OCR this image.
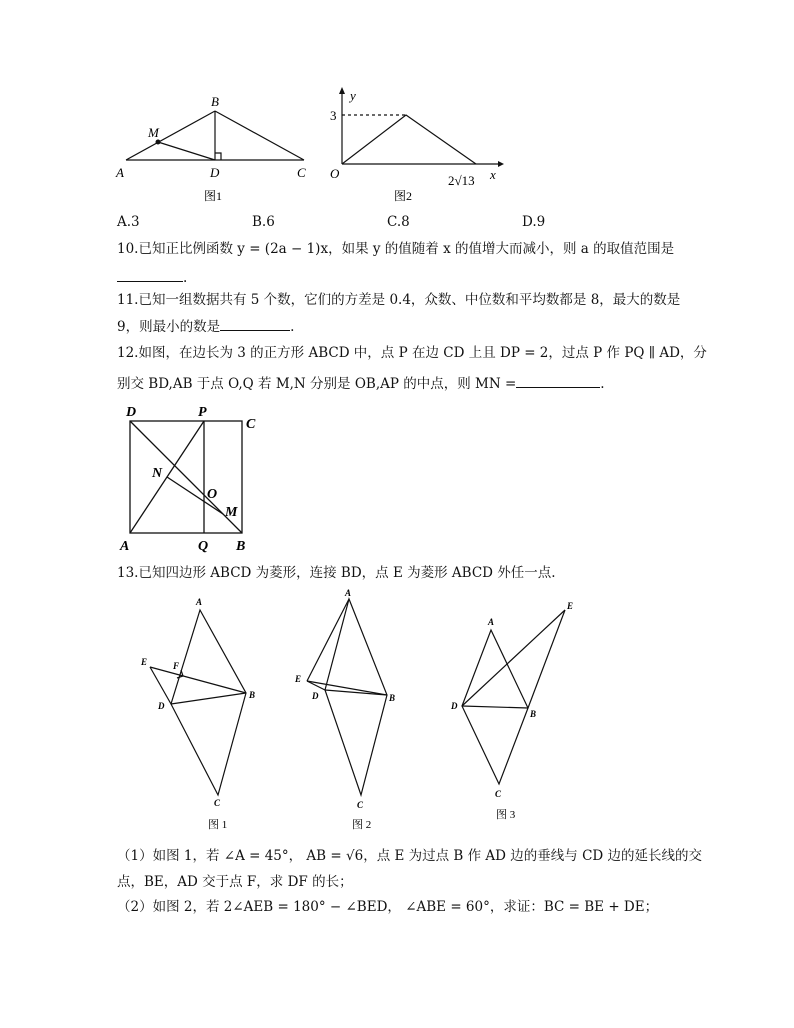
A
B
C
D
M
图1
y
x
O
3
2√13
图2
A.3	B.6	C.8	D.9
10.已知正比例函数 y = (2a − 1)x，如果 y 的值随着 x 的值增大而减小，则 a 的取值范围是
.
11.已知一组数据共有 5 个数，它们的方差是 0.4，众数、中位数和平均数都是 8，最大的数是
9，则最小的数是	.
12.如图，在边长为 3 的正方形 ABCD 中，点 P 在边 CD 上且 DP = 2，过点 P 作 PQ ∥ AD，分
别交 BD,AB 于点 O,Q 若 M,N 分别是 OB,AP 的中点，则 MN =	.
D	P
C
A	Q B
N
O
M
13.已知四边形 ABCD 为菱形，连接 BD，点 E 为菱形 ABCD 外任一点.
A
B
C
D
E	F
图 1
A
B
C
D
E
图 2
A
B
C
D
E
图 3
（1）如图 1，若 ∠A = 45°， AB = √6，点 E 为过点 B 作 AD 边的垂线与 CD 边的延长线的交
点，BE，AD 交于点 F，求 DF 的长；
（2）如图 2，若 2∠AEB = 180° − ∠BED， ∠ABE = 60°，求证：BC = BE + DE；
